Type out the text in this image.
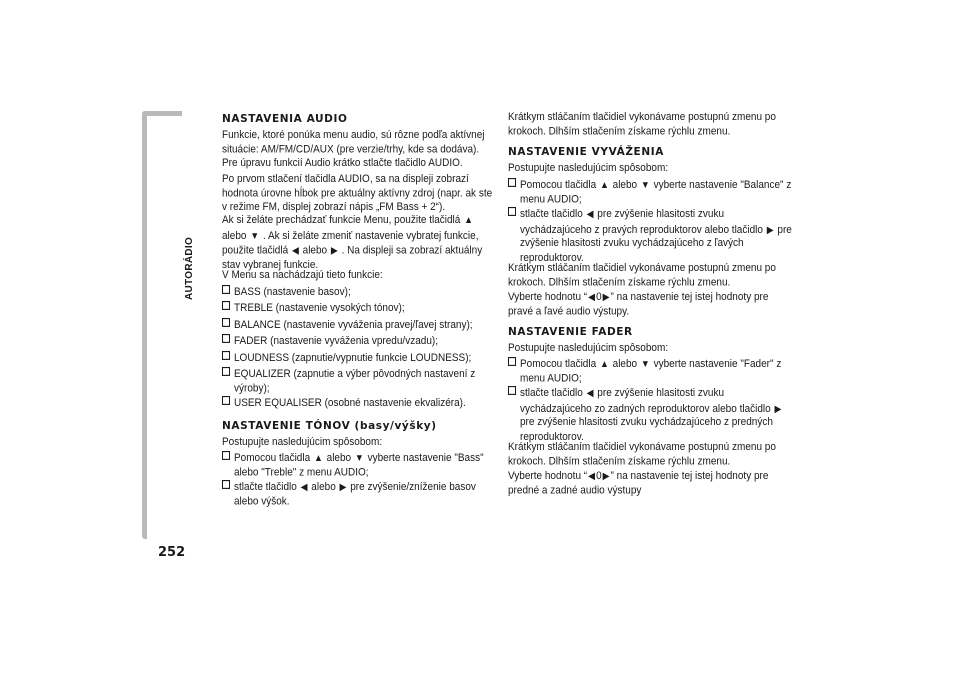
AUTORÁDIO
252
NASTAVENIA AUDIO

Funkcie, ktoré ponúka menu audio, sú rôzne podľa aktívnej situácie: AM/FM/CD/AUX (pre verzie/trhy, kde sa dodáva).

Pre úpravu funkcií Audio krátko stlačte tlačidlo AUDIO.

Po prvom stlačení tlačidla AUDIO, sa na displeji zobrazí hodnota úrovne hĺbok pre aktuálny aktívny zdroj (napr. ak ste v režime FM, displej zobrazí nápis „FM Bass + 2“).

Ak si želáte prechádzať funkcie Menu, použite tlačidlá ▲ alebo ▼ . Ak si želáte zmeniť nastavenie vybratej funkcie, použite tlačidlá ◀ alebo ▶ . Na displeji sa zobrazí aktuálny stav vybranej funkcie.

V Menu sa nachádzajú tieto funkcie:

BASS (nastavenie basov);

TREBLE (nastavenie vysokých tónov);

BALANCE (nastavenie vyváženia pravej/ľavej strany);

FADER (nastavenie vyváženia vpredu/vzadu);

LOUDNESS (zapnutie/vypnutie funkcie LOUDNESS);

EQUALIZER (zapnutie a výber pôvodných nastavení z výroby);

USER EQUALISER (osobné nastavenie ekvalizéra).

NASTAVENIE TÓNOV (basy/výšky)

Postupujte nasledujúcim spôsobom:

Pomocou tlačidla ▲ alebo ▼ vyberte nastavenie "Bass" alebo "Treble" z menu AUDIO;

stlačte tlačidlo ◀ alebo ▶ pre zvýšenie/zníženie basov alebo výšok.

Krátkym stláčaním tlačidiel vykonávame postupnú zmenu po krokoch. Dlhším stlačením získame rýchlu zmenu.

NASTAVENIE VYVÁŽENIA

Postupujte nasledujúcim spôsobom:

Pomocou tlačidla ▲ alebo ▼ vyberte nastavenie "Balance" z menu AUDIO;

stlačte tlačidlo ◀ pre zvýšenie hlasitosti zvuku vychádzajúceho z pravých reproduktorov alebo tlačidlo ▶ pre zvýšenie hlasitosti zvuku vychádzajúceho z ľavých reproduktorov.

Krátkym stláčaním tlačidiel vykonávame postupnú zmenu po krokoch. Dlhším stlačením získame rýchlu zmenu.

Vyberte hodnotu “◀0▶” na nastavenie tej istej hodnoty pre pravé a ľavé audio výstupy.

NASTAVENIE FADER

Postupujte nasledujúcim spôsobom:

Pomocou tlačidla ▲ alebo ▼ vyberte nastavenie "Fader" z menu AUDIO;

stlačte tlačidlo ◀ pre zvýšenie hlasitosti zvuku vychádzajúceho zo zadných reproduktorov alebo tlačidlo ▶ pre zvýšenie hlasitosti zvuku vychádzajúceho z predných reproduktorov.

Krátkym stláčaním tlačidiel vykonávame postupnú zmenu po krokoch. Dlhším stlačením získame rýchlu zmenu.

Vyberte hodnotu “◀0▶” na nastavenie tej istej hodnoty pre predné a zadné audio výstupy
